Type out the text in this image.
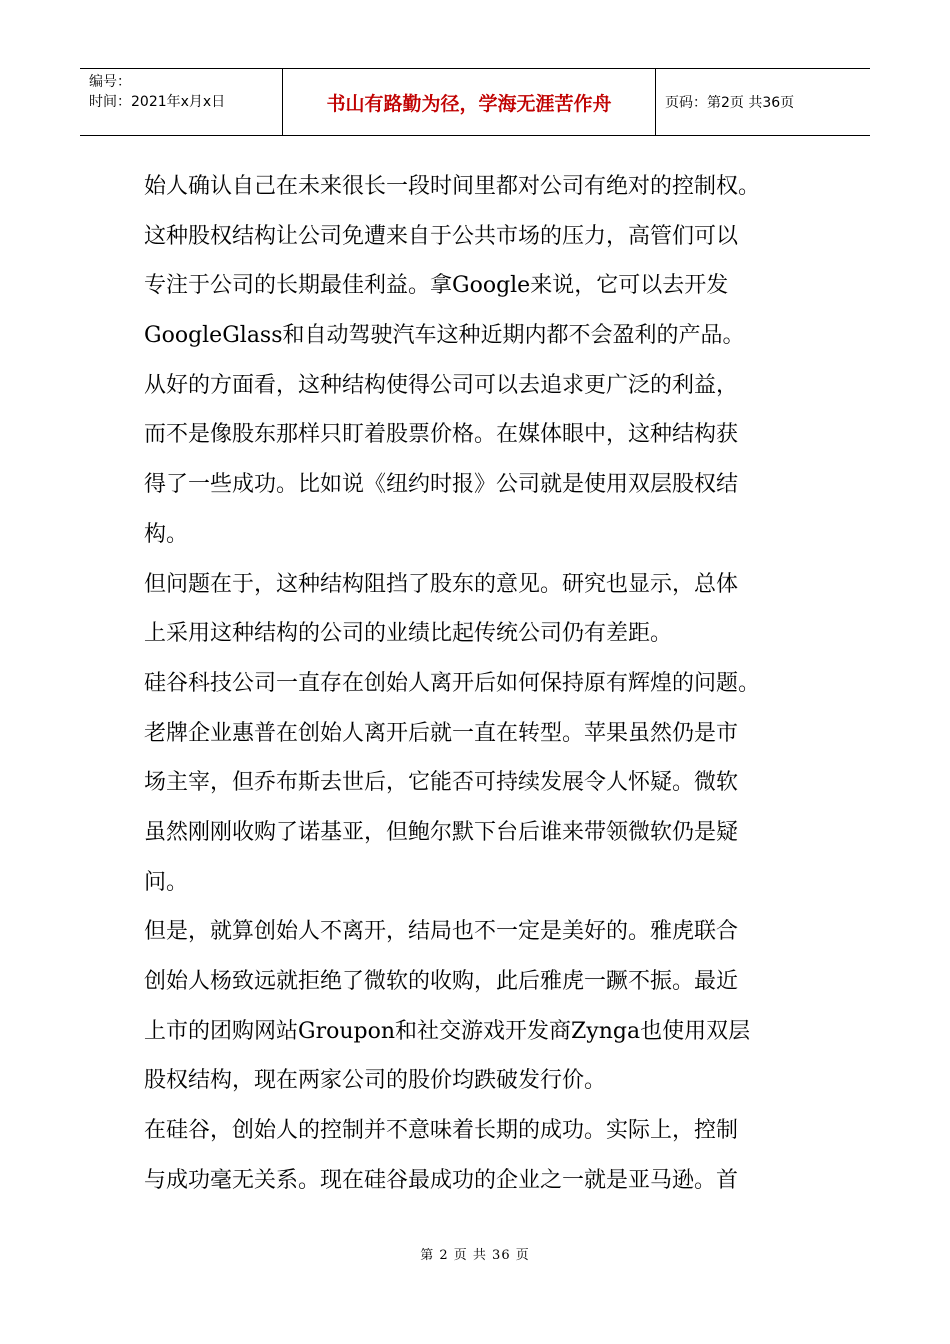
编号：
时间：2021年x月x日	书山有路勤为径，学海无涯苦作舟	页码：第2页 共36页
始人确认自己在未来很长一段时间里都对公司有绝对的控制权。
这种股权结构让公司免遭来自于公共市场的压力，高管们可以
专注于公司的长期最佳利益。拿Google来说，它可以去开发
GoogleGlass和自动驾驶汽车这种近期内都不会盈利的产品。
从好的方面看，这种结构使得公司可以去追求更广泛的利益，
而不是像股东那样只盯着股票价格。在媒体眼中，这种结构获
得了一些成功。比如说《纽约时报》公司就是使用双层股权结
构。
但问题在于，这种结构阻挡了股东的意见。研究也显示，总体
上采用这种结构的公司的业绩比起传统公司仍有差距。
硅谷科技公司一直存在创始人离开后如何保持原有辉煌的问题。
老牌企业惠普在创始人离开后就一直在转型。苹果虽然仍是市
场主宰，但乔布斯去世后，它能否可持续发展令人怀疑。微软
虽然刚刚收购了诺基亚，但鲍尔默下台后谁来带领微软仍是疑
问。
但是，就算创始人不离开，结局也不一定是美好的。雅虎联合
创始人杨致远就拒绝了微软的收购，此后雅虎一蹶不振。最近
上市的团购网站Groupon和社交游戏开发商Zynga也使用双层
股权结构，现在两家公司的股价均跌破发行价。
在硅谷，创始人的控制并不意味着长期的成功。实际上，控制
与成功毫无关系。现在硅谷最成功的企业之一就是亚马逊。首
第 2 页 共 36 页
